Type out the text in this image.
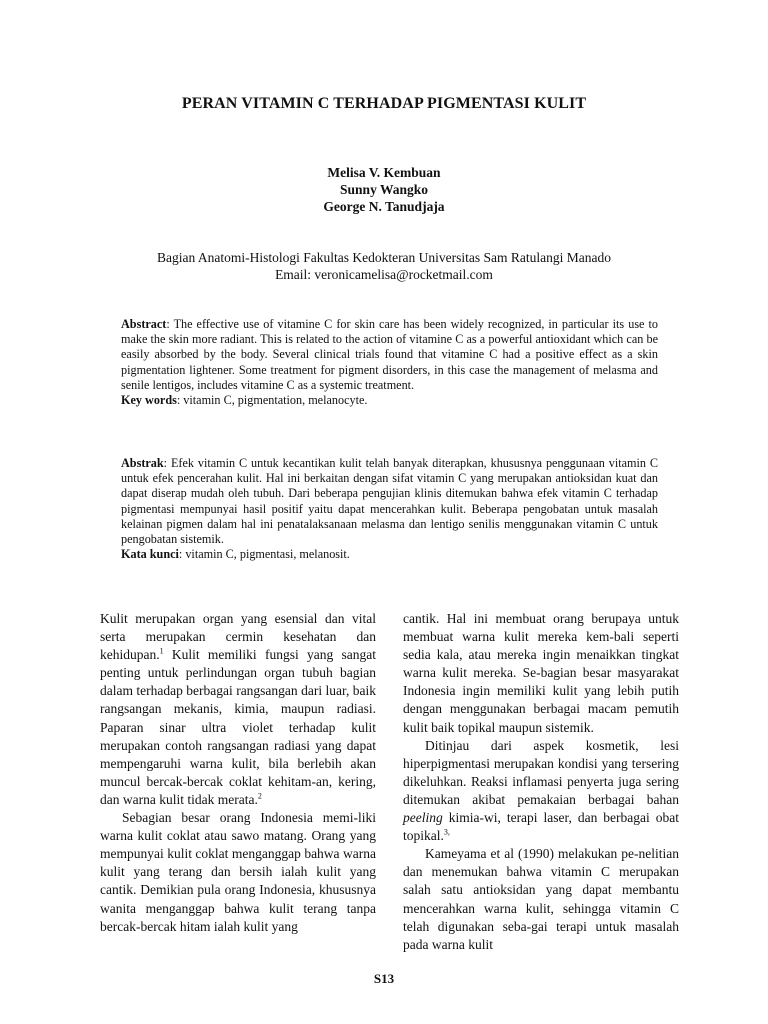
PERAN VITAMIN C TERHADAP PIGMENTASI KULIT
Melisa V. Kembuan
Sunny Wangko
George N. Tanudjaja
Bagian Anatomi-Histologi Fakultas Kedokteran Universitas Sam Ratulangi Manado
Email: veronicamelisa@rocketmail.com
Abstract: The effective use of vitamine C for skin care has been widely recognized, in particular its use to make the skin more radiant. This is related to the action of vitamine C as a powerful antioxidant which can be easily absorbed by the body. Several clinical trials found that vitamine C had a positive effect as a skin pigmentation lightener. Some treatment for pigment disorders, in this case the management of melasma and senile lentigos, includes vitamine C as a systemic treatment.
Key words: vitamin C, pigmentation, melanocyte.
Abstrak: Efek vitamin C untuk kecantikan kulit telah banyak diterapkan, khususnya penggunaan vitamin C untuk efek pencerahan kulit. Hal ini berkaitan dengan sifat vitamin C yang merupakan antioksidan kuat dan dapat diserap mudah oleh tubuh. Dari beberapa pengujian klinis ditemukan bahwa efek vitamin C terhadap pigmentasi mempunyai hasil positif yaitu dapat mencerahkan kulit. Beberapa pengobatan untuk masalah kelainan pigmen dalam hal ini penatalaksanaan melasma dan lentigo senilis menggunakan vitamin C untuk pengobatan sistemik.
Kata kunci: vitamin C, pigmentasi, melanosit.

Kulit merupakan organ yang esensial dan vital serta merupakan cermin kesehatan dan kehidupan.$^1$ Kulit memiliki fungsi yang sangat penting untuk perlindungan organ tubuh bagian dalam terhadap berbagai rangsangan dari luar, baik rangsangan mekanis, kimia, maupun radiasi. Paparan sinar ultra violet terhadap kulit merupakan contoh rangsangan radiasi yang dapat mempengaruhi warna kulit, bila berlebih akan muncul bercak-bercak coklat kehitam-an, kering, dan warna kulit tidak merata.$^2$

Sebagian besar orang Indonesia memi-liki warna kulit coklat atau sawo matang. Orang yang mempunyai kulit coklat menganggap bahwa warna kulit yang terang dan bersih ialah kulit yang cantik. Demikian pula orang Indonesia, khususnya wanita menganggap bahwa kulit terang tanpa bercak-bercak hitam ialah kulit yang

cantik. Hal ini membuat orang berupaya untuk membuat warna kulit mereka kem-bali seperti sedia kala, atau mereka ingin menaikkan tingkat warna kulit mereka. Se-bagian besar masyarakat Indonesia ingin memiliki kulit yang lebih putih dengan menggunakan berbagai macam pemutih kulit baik topikal maupun sistemik.

Ditinjau dari aspek kosmetik, lesi hiperpigmentasi merupakan kondisi yang tersering dikeluhkan. Reaksi inflamasi penyerta juga sering ditemukan akibat pemakaian berbagai bahan peeling kimia-wi, terapi laser, dan berbagai obat topikal.$^{3,}$

Kameyama et al (1990) melakukan pe-nelitian dan menemukan bahwa vitamin C merupakan salah satu antioksidan yang dapat membantu mencerahkan warna kulit, sehingga vitamin C telah digunakan seba-gai terapi untuk masalah pada warna kulit

S13
